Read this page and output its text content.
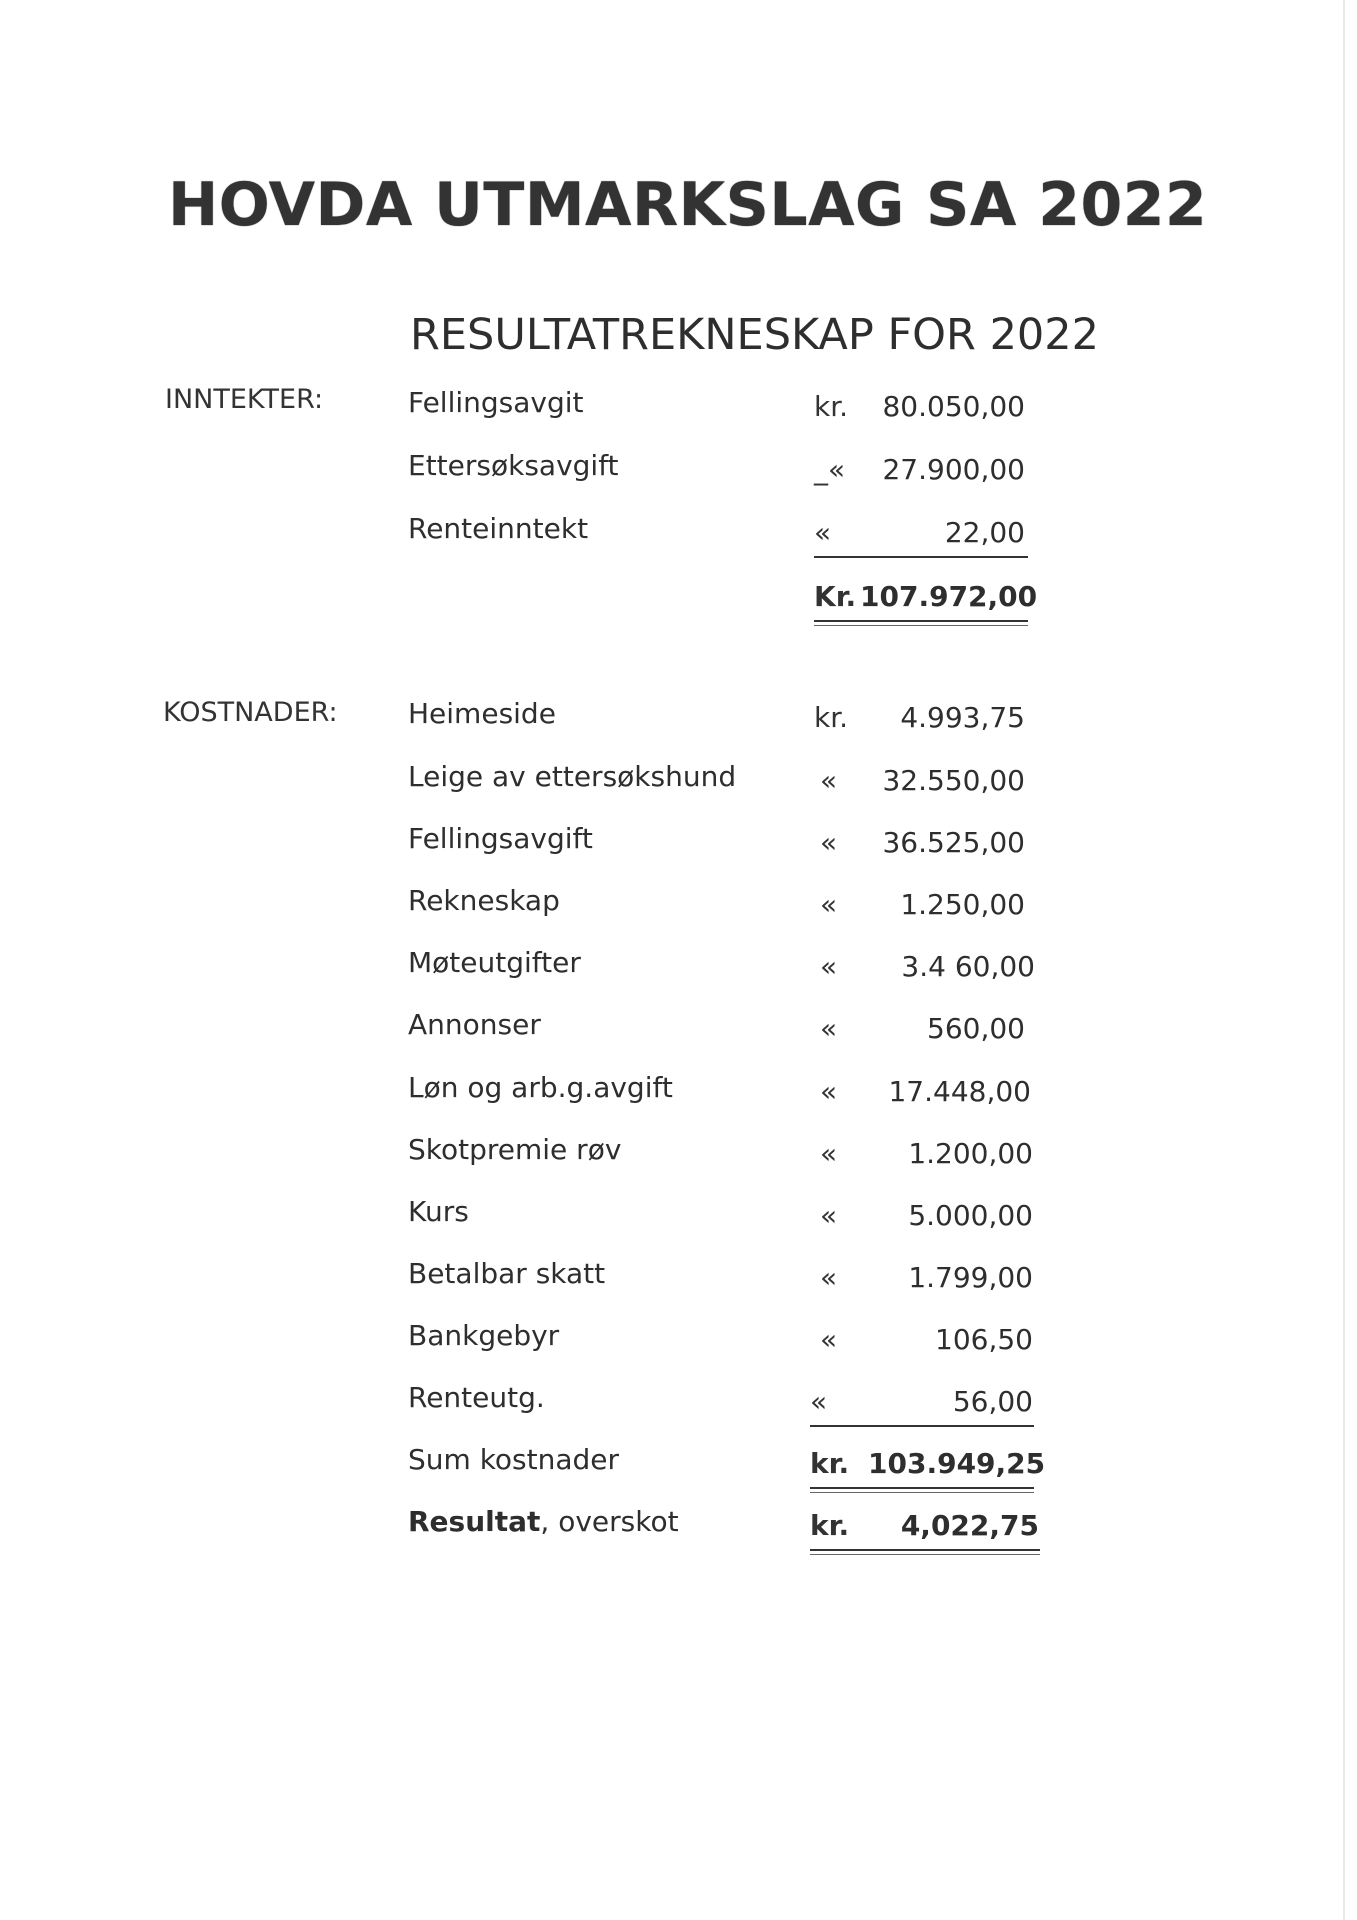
HOVDA UTMARKSLAG SA 2022
RESULTATREKNESKAP FOR 2022
INNTEKTER:	Fellingsavgit	kr.	80.050,00
Ettersøksavgift	_«	27.900,00
Renteinntekt	«	22,00
Kr. 107.972,00
KOSTNADER:	Heimeside	kr.	4.993,75
Leige av ettersøkshund	«	32.550,00
Fellingsavgift	«	36.525,00
Rekneskap	«	1.250,00
Møteutgifter	«	3.4 60,00
Annonser	«	560,00
Løn og arb.g.avgift	«	17.448,00
Skotpremie røv	«	1.200,00
Kurs	«	5.000,00
Betalbar skatt	«	1.799,00
Bankgebyr	«	106,50
Renteutg.	«	56,00
Sum kostnader	kr. 103.949,25
Resultat, overskot	kr.	4,022,75
